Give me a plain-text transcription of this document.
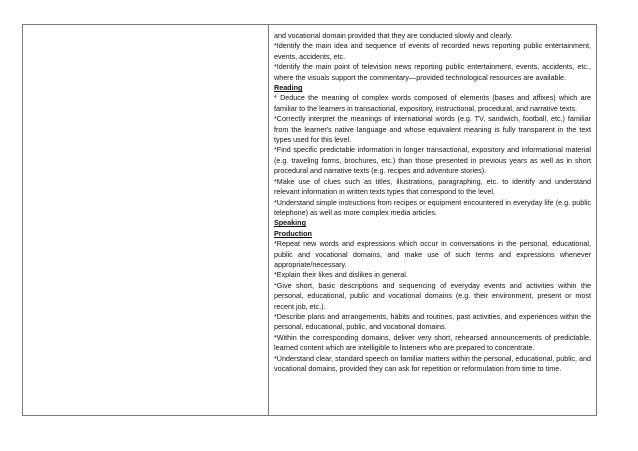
and vocational domain provided that they are conducted slowly and clearly.

*Identify the main idea and sequence of events of recorded news reporting public entertainment, events, accidents, etc.

*Identify the main point of television news reporting public entertainment, events, accidents, etc., where the visuals support the commentary—provided technological resources are available.

Reading

* Deduce the meaning of complex words composed of elements (bases and affixes) which are familiar to the learners in transactional, expository, instructional, procedural, and narrative texts.

*Correctly interpret the meanings of international words (e.g. TV, sandwich, football, etc.) familiar from the learner's native language and whose equivalent meaning is fully transparent in the text types used for this level.

*Find specific predictable information in longer transactional, expository and informational material (e.g. traveling forms, brochures, etc.) than those presented in previous years as well as in short procedural and narrative texts (e.g. recipes and adventure stories).

*Make use of clues such as titles, illustrations, paragraphing, etc. to identify and understand relevant information in written texts types that correspond to the level.

*Understand simple instructions from recipes or equipment encountered in everyday life (e.g. public telephone) as well as more complex media articles.

Speaking

Production

*Repeat new words and expressions which occur in conversations in the personal, educational, public and vocational domains, and make use of such terms and expressions whenever appropriate/necessary.

*Explain their likes and dislikes in general.

*Give short, basic descriptions and sequencing of everyday events and activities within the personal, educational, public and vocational domains (e.g. their environment, present or most recent job, etc.).

*Describe plans and arrangements, habits and routines, past activities, and experiences within the personal, educational, public, and vocational domains.

*Within the corresponding domains, deliver very short, rehearsed announcements of predictable, learned content which are intelligible to listeners who are prepared to concentrate.

*Understand clear, standard speech on familiar matters within the personal, educational, public, and vocational domains, provided they can ask for repetition or reformulation from time to time.
